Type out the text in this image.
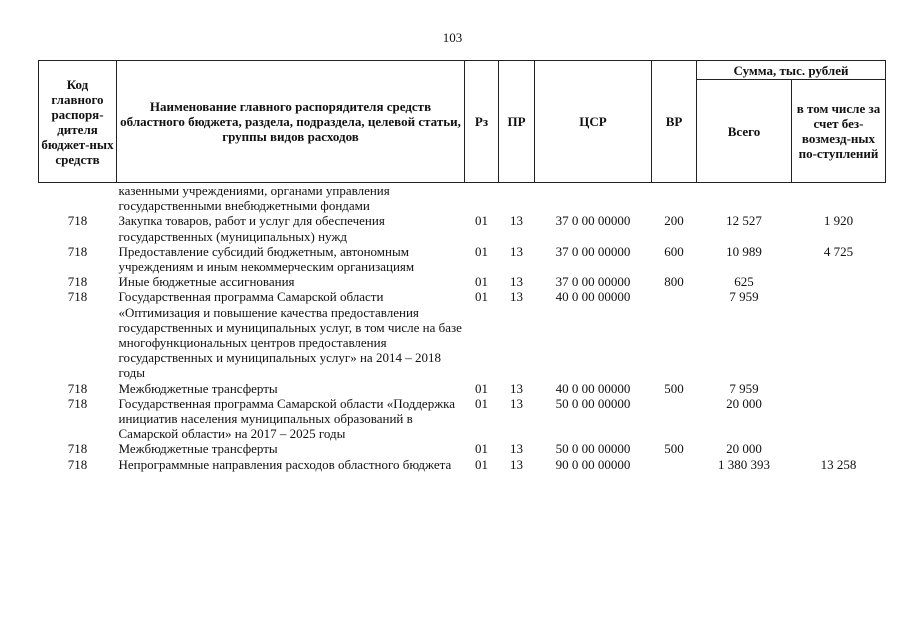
103
Код главного распоря-дителя бюджет-ных средств	Наименование главного распорядителя средств областного бюджета, раздела, подраздела, целевой статьи, группы видов расходов	Рз	ПР	ЦСР	ВР	Сумма, тыс. рублей	
						Всего	в том числе за счет без-возмезд-ных по-ступлений
	казенными учреждениями, органами управления государственными внебюджетными фондами						
718	Закупка товаров, работ и услуг для обеспечения государственных (муниципальных) нужд	01	13	37 0 00 00000	200	12 527	1 920
718	Предоставление субсидий бюджетным, автономным учреждениям и иным некоммерческим организациям	01	13	37 0 00 00000	600	10 989	4 725
718	Иные бюджетные ассигнования	01	13	37 0 00 00000	800	625	
718	Государственная программа Самарской области «Оптимизация и повышение качества предоставления государственных и муниципальных услуг, в том числе на базе многофункциональных центров предоставления государственных и муниципальных услуг» на 2014 – 2018 годы	01	13	40 0 00 00000		7 959	
718	Межбюджетные трансферты	01	13	40 0 00 00000	500	7 959	
718	Государственная программа Самарской области «Поддержка инициатив населения муниципальных образований в Самарской области» на 2017 – 2025 годы	01	13	50 0 00 00000		20 000	
718	Межбюджетные трансферты	01	13	50 0 00 00000	500	20 000	
718	Непрограммные направления расходов областного бюджета	01	13	90 0 00 00000		1 380 393	13 258
